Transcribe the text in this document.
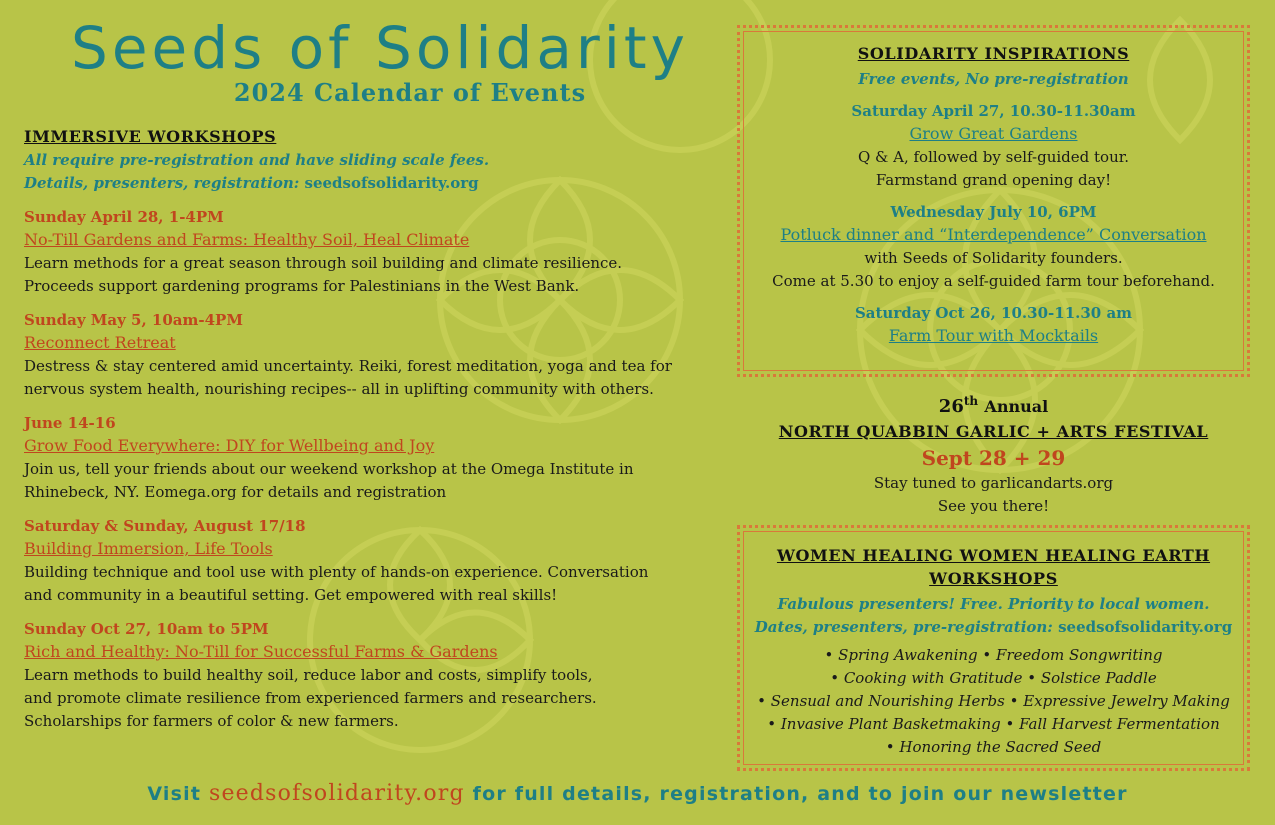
Seeds of Solidarity
2024 Calendar of Events
IMMERSIVE WORKSHOPS
All require pre-registration and have sliding scale fees.
Details, presenters, registration: seedsofsolidarity.org
Sunday April 28, 1-4PM
No-Till Gardens and Farms: Healthy Soil, Heal Climate
Learn methods for a great season through soil building and climate resilience.
Proceeds support gardening programs for Palestinians in the West Bank.
Sunday May 5, 10am-4PM
Reconnect Retreat
Destress & stay centered amid uncertainty. Reiki, forest meditation, yoga and tea for
nervous system health, nourishing recipes-- all in uplifting community with others.
June 14-16
Grow Food Everywhere: DIY for Wellbeing and Joy
Join us, tell your friends about our weekend workshop at the Omega Institute in
Rhinebeck, NY. Eomega.org for details and registration
Saturday & Sunday, August 17/18
Building Immersion, Life Tools
Building technique and tool use with plenty of hands-on experience. Conversation
and community in a beautiful setting. Get empowered with real skills!
Sunday Oct 27, 10am to 5PM
Rich and Healthy: No-Till for Successful Farms & Gardens
Learn methods to build healthy soil, reduce labor and costs, simplify tools,
and promote climate resilience from experienced farmers and researchers.
Scholarships for farmers of color & new farmers.
SOLIDARITY INSPIRATIONS
Free events, No pre-registration
Saturday April 27, 10.30-11.30am
Grow Great Gardens
Q & A, followed by self-guided tour.
Farmstand grand opening day!
Wednesday July 10, 6PM
Potluck dinner and “Interdependence” Conversation
with Seeds of Solidarity founders.
Come at 5.30 to enjoy a self-guided farm tour beforehand.
Saturday Oct 26, 10.30-11.30 am
Farm Tour with Mocktails
26th Annual
NORTH QUABBIN GARLIC + ARTS FESTIVAL
Sept 28 + 29
Stay tuned to garlicandarts.org
See you there!
WOMEN HEALING WOMEN HEALING EARTH
WORKSHOPS
Fabulous presenters! Free. Priority to local women.
Dates, presenters, pre-registration: seedsofsolidarity.org
• Spring Awakening • Freedom Songwriting
• Cooking with Gratitude • Solstice Paddle
• Sensual and Nourishing Herbs • Expressive Jewelry Making
• Invasive Plant Basketmaking • Fall Harvest Fermentation
• Honoring the Sacred Seed
Visit seedsofsolidarity.org for full details, registration, and to join our newsletter
